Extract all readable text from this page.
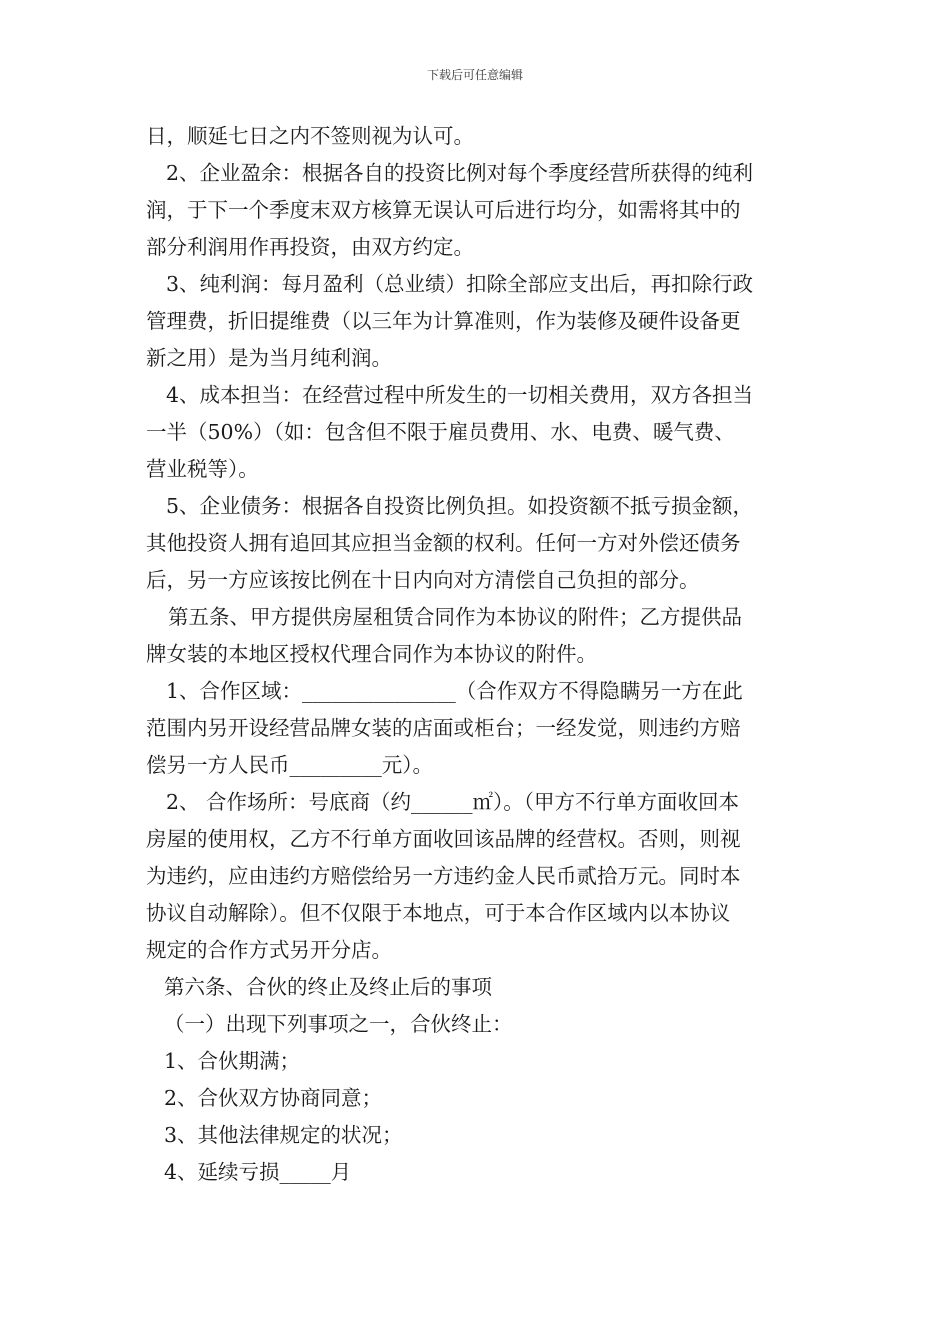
下载后可任意编辑
日，顺延七日之内不签则视为认可。
2、企业盈余：根据各自的投资比例对每个季度经营所获得的纯利
润，于下一个季度末双方核算无误认可后进行均分，如需将其中的
部分利润用作再投资，由双方约定。
3、纯利润：每月盈利（总业绩）扣除全部应支出后，再扣除行政
管理费，折旧提维费（以三年为计算准则，作为装修及硬件设备更
新之用）是为当月纯利润。
4、成本担当：在经营过程中所发生的一切相关费用，双方各担当
一半（50%）（如：包含但不限于雇员费用、水、电费、暖气费、
营业税等）。
5、企业债务：根据各自投资比例负担。如投资额不抵亏损金额，
其他投资人拥有追回其应担当金额的权利。任何一方对外偿还债务
后，另一方应该按比例在十日内向对方清偿自己负担的部分。
第五条、甲方提供房屋租赁合同作为本协议的附件；乙方提供品
牌女装的本地区授权代理合同作为本协议的附件。
1、合作区域：_______________（合作双方不得隐瞒另一方在此
范围内另开设经营品牌女装的店面或柜台；一经发觉，则违约方赔
偿另一方人民币_________元）。
2、 合作场所：号底商（约______㎡）。（甲方不行单方面收回本
房屋的使用权，乙方不行单方面收回该品牌的经营权。否则，则视
为违约，应由违约方赔偿给另一方违约金人民币贰拾万元。同时本
协议自动解除）。但不仅限于本地点，可于本合作区域内以本协议
规定的合作方式另开分店。
第六条、合伙的终止及终止后的事项
（一）出现下列事项之一，合伙终止：
1、合伙期满；
2、合伙双方协商同意；
3、其他法律规定的状况；
4、延续亏损_____月
